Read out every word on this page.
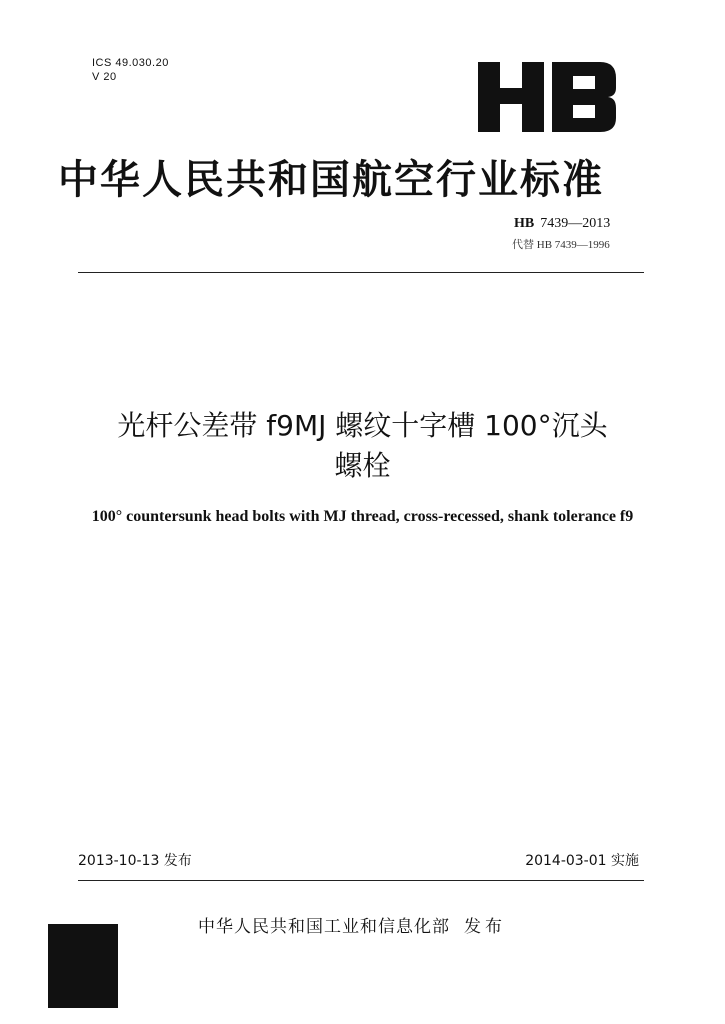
ICS 49.030.20
V 20
中华人民共和国航空行业标准
HB 7439—2013
代替 HB 7439—1996
光杆公差带 f9MJ 螺纹十字槽 100°沉头
螺栓
100° countersunk head bolts with MJ thread, cross-recessed, shank tolerance f9
2013-10-13 发布	2014-03-01 实施
中华人民共和国工业和信息化部 发布
